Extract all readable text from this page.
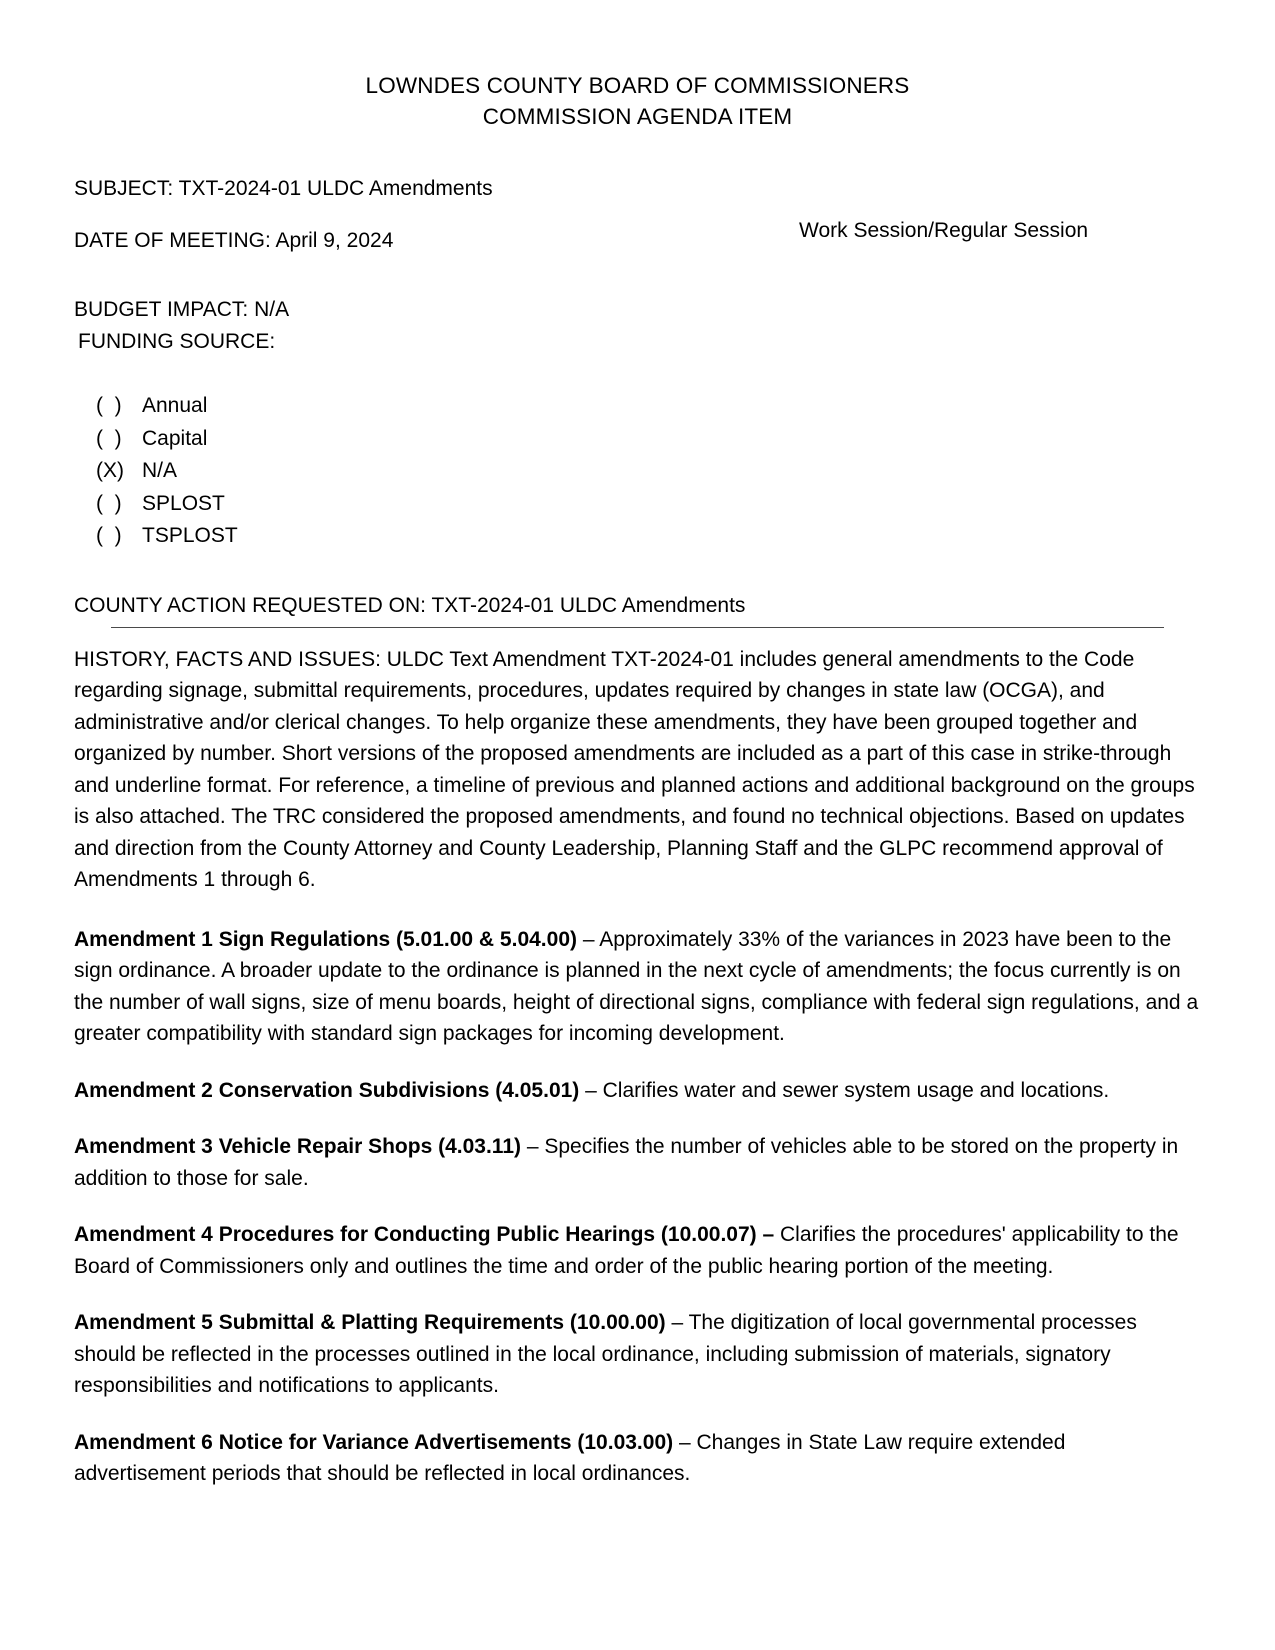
LOWNDES COUNTY BOARD OF COMMISSIONERS
COMMISSION AGENDA ITEM
SUBJECT: TXT-2024-01 ULDC Amendments
DATE OF MEETING: April 9, 2024	Work Session/Regular Session
BUDGET IMPACT: N/A
FUNDING SOURCE:
(  ) Annual
(  ) Capital
(X) N/A
(  ) SPLOST
(  ) TSPLOST
COUNTY ACTION REQUESTED ON: TXT-2024-01 ULDC Amendments

HISTORY, FACTS AND ISSUES: ULDC Text Amendment TXT-2024-01 includes general amendments to the Code regarding signage, submittal requirements, procedures, updates required by changes in state law (OCGA), and administrative and/or clerical changes. To help organize these amendments, they have been grouped together and organized by number. Short versions of the proposed amendments are included as a part of this case in strike-through and underline format. For reference, a timeline of previous and planned actions and additional background on the groups is also attached. The TRC considered the proposed amendments, and found no technical objections. Based on updates and direction from the County Attorney and County Leadership, Planning Staff and the GLPC recommend approval of Amendments 1 through 6.

Amendment 1 Sign Regulations (5.01.00 & 5.04.00) – Approximately 33% of the variances in 2023 have been to the sign ordinance. A broader update to the ordinance is planned in the next cycle of amendments; the focus currently is on the number of wall signs, size of menu boards, height of directional signs, compliance with federal sign regulations, and a greater compatibility with standard sign packages for incoming development.

Amendment 2 Conservation Subdivisions (4.05.01) – Clarifies water and sewer system usage and locations.

Amendment 3 Vehicle Repair Shops (4.03.11) – Specifies the number of vehicles able to be stored on the property in addition to those for sale.

Amendment 4 Procedures for Conducting Public Hearings (10.00.07) – Clarifies the procedures' applicability to the Board of Commissioners only and outlines the time and order of the public hearing portion of the meeting.

Amendment 5 Submittal & Platting Requirements (10.00.00) – The digitization of local governmental processes should be reflected in the processes outlined in the local ordinance, including submission of materials, signatory responsibilities and notifications to applicants.

Amendment 6 Notice for Variance Advertisements (10.03.00) – Changes in State Law require extended advertisement periods that should be reflected in local ordinances.
